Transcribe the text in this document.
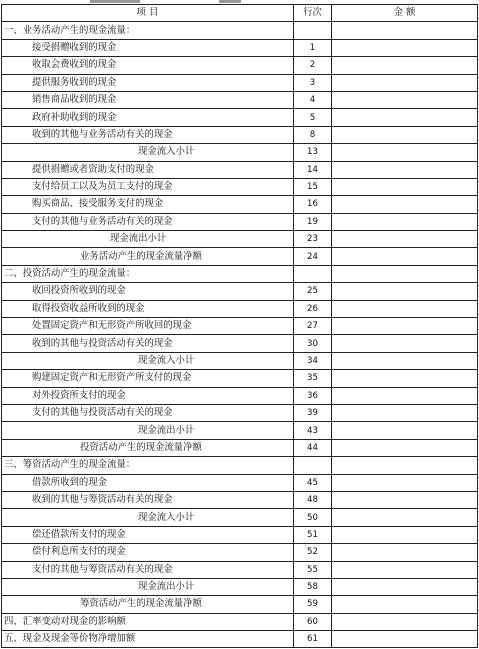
项 目	行次	金 额
一、业务活动产生的现金流量：		
接受捐赠收到的现金	1	
收取会费收到的现金	2	
提供服务收到的现金	3	
销售商品收到的现金	4	
政府补助收到的现金	5	
收到的其他与业务活动有关的现金	8	
现金流入小计	13	
提供捐赠或者资助支付的现金	14	
支付给员工以及为员工支付的现金	15	
购买商品、接受服务支付的现金	16	
支付的其他与业务活动有关的现金	19	
现金流出小计	23	
业务活动产生的现金流量净额	24	
二、投资活动产生的现金流量：		
收回投资所收到的现金	25	
取得投资收益所收到的现金	26	
处置固定资产和无形资产所收回的现金	27	
收到的其他与投资活动有关的现金	30	
现金流入小计	34	
购建固定资产和无形资产所支付的现金	35	
对外投资所支付的现金	36	
支付的其他与投资活动有关的现金	39	
现金流出小计	43	
投资活动产生的现金流量净额	44	
三、筹资活动产生的现金流量：		
借款所收到的现金	45	
收到的其他与筹资活动有关的现金	48	
现金流入小计	50	
偿还借款所支付的现金	51	
偿付利息所支付的现金	52	
支付的其他与筹资活动有关的现金	55	
现金流出小计	58	
筹资活动产生的现金流量净额	59	
四、汇率变动对现金的影响额	60	
五、现金及现金等价物净增加额	61	
